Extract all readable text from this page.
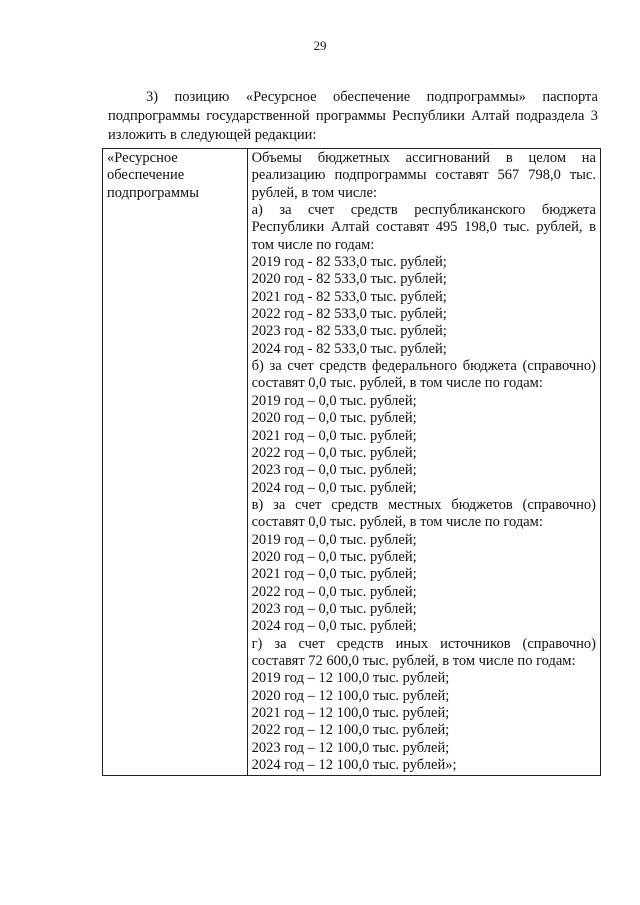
29

3) позицию «Ресурсное обеспечение подпрограммы» паспорта подпрограммы государственной программы Республики Алтай подраздела 3 изложить в следующей редакции:

«Ресурсное обеспечение подпрограммы

Объемы бюджетных ассигнований в целом на реализацию подпрограммы составят 567 798,0 тыс. рублей, в том числе:
а) за счет средств республиканского бюджета Республики Алтай составят 495 198,0 тыс. рублей, в том числе по годам:
2019 год - 82 533,0 тыс. рублей;
2020 год - 82 533,0 тыс. рублей;
2021 год - 82 533,0 тыс. рублей;
2022 год - 82 533,0 тыс. рублей;
2023 год - 82 533,0 тыс. рублей;
2024 год - 82 533,0 тыс. рублей;
б) за счет средств федерального бюджета (справочно) составят 0,0 тыс. рублей, в том числе по годам:
2019 год – 0,0 тыс. рублей;
2020 год – 0,0 тыс. рублей;
2021 год – 0,0 тыс. рублей;
2022 год – 0,0 тыс. рублей;
2023 год – 0,0 тыс. рублей;
2024 год – 0,0 тыс. рублей;
в) за счет средств местных бюджетов (справочно) составят 0,0 тыс. рублей, в том числе по годам:
2019 год – 0,0 тыс. рублей;
2020 год – 0,0 тыс. рублей;
2021 год – 0,0 тыс. рублей;
2022 год – 0,0 тыс. рублей;
2023 год – 0,0 тыс. рублей;
2024 год – 0,0 тыс. рублей;
г) за счет средств иных источников (справочно) составят 72 600,0 тыс. рублей, в том числе по годам:
2019 год – 12 100,0 тыс. рублей;
2020 год – 12 100,0 тыс. рублей;
2021 год – 12 100,0 тыс. рублей;
2022 год – 12 100,0 тыс. рублей;
2023 год – 12 100,0 тыс. рублей;
2024 год – 12 100,0 тыс. рублей»;
